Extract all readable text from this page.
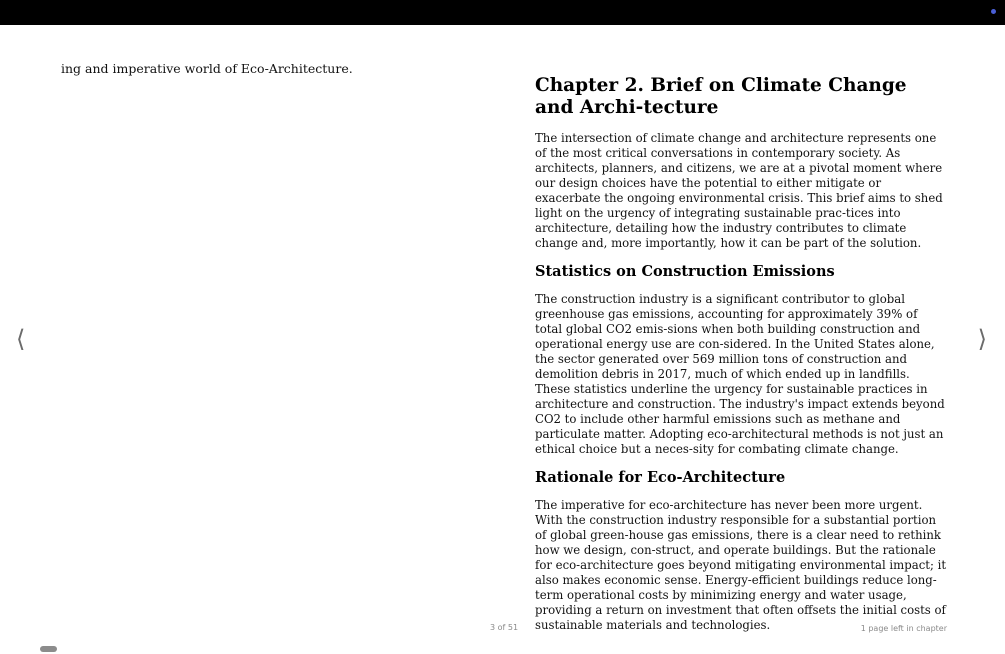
ing and imperative world of Eco-Architecture.
Chapter 2. Brief on Climate Change and Archi-tecture

The intersection of climate change and architecture represents one of the most critical conversations in contemporary society. As architects, planners, and citizens, we are at a pivotal moment where our design choices have the potential to either mitigate or exacerbate the ongoing environmental crisis. This brief aims to shed light on the urgency of integrating sustainable prac-tices into architecture, detailing how the industry contributes to climate change and, more importantly, how it can be part of the solution.

Statistics on Construction Emissions

The construction industry is a significant contributor to global greenhouse gas emissions, accounting for approximately 39% of total global CO2 emis-sions when both building construction and operational energy use are con-sidered. In the United States alone, the sector generated over 569 million tons of construction and demolition debris in 2017, much of which ended up in landfills. These statistics underline the urgency for sustainable practices in architecture and construction. The industry's impact extends beyond CO2 to include other harmful emissions such as methane and particulate matter. Adopting eco-architectural methods is not just an ethical choice but a neces-sity for combating climate change.

Rationale for Eco-Architecture

The imperative for eco-architecture has never been more urgent. With the construction industry responsible for a substantial portion of global green-house gas emissions, there is a clear need to rethink how we design, con-struct, and operate buildings. But the rationale for eco-architecture goes beyond mitigating environmental impact; it also makes economic sense. Energy-efficient buildings reduce long-term operational costs by minimizing energy and water usage, providing a return on investment that often offsets the initial costs of sustainable materials and technologies.

⟨	⟩
3 of 51	1 page left in chapter
